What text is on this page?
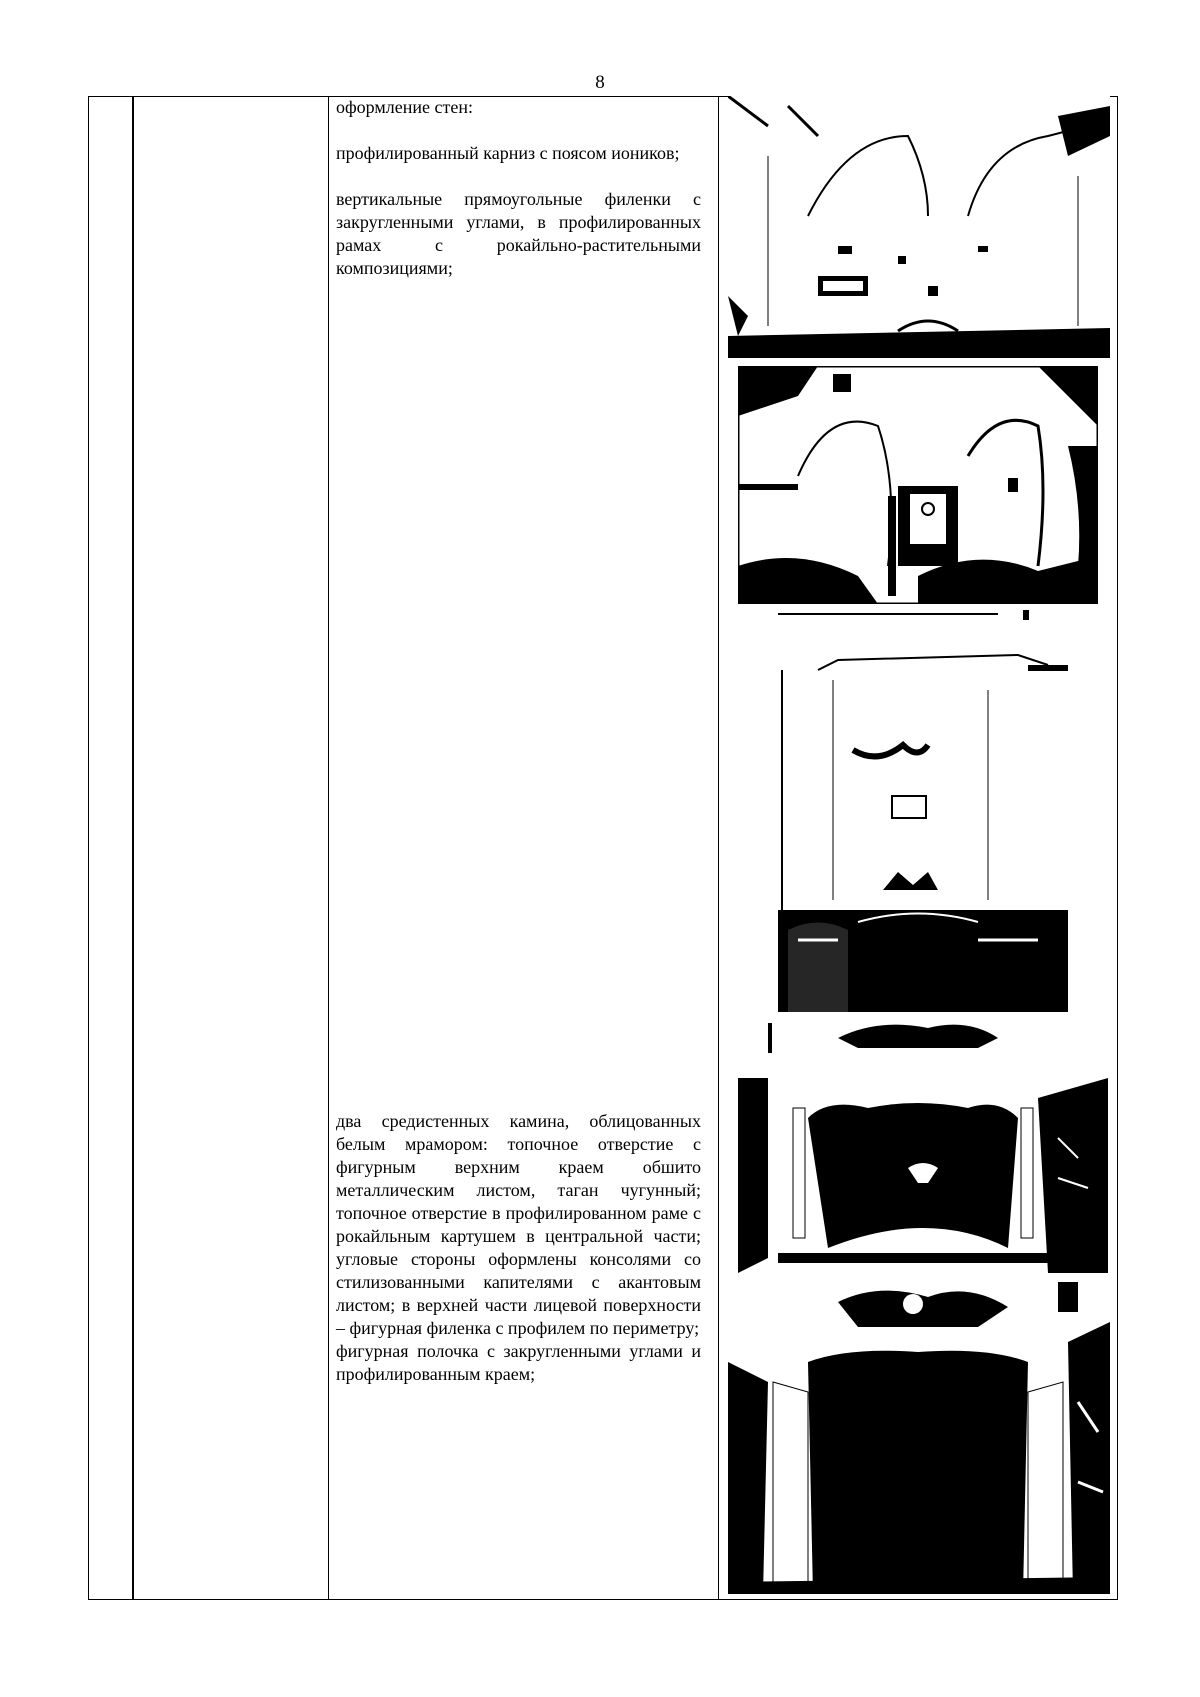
8

оформление стен:

профилированный карниз с поясом иоников;

вертикальные прямоугольные филенки с закругленными углами, в профилированных рамах с рокайльно-растительными композициями;

два средистенных камина, облицованных белым мрамором: топочное отверстие с фигурным верхним краем обшито металлическим листом, таган чугунный; топочное отверстие в профилированном раме с рокайльным картушем в центральной части; угловые стороны оформлены консолями со стилизованными капителями с акантовым листом; в верхней части лицевой поверхности – фигурная филенка с профилем по периметру;

фигурная полочка с закругленными углами и профилированным краем;
